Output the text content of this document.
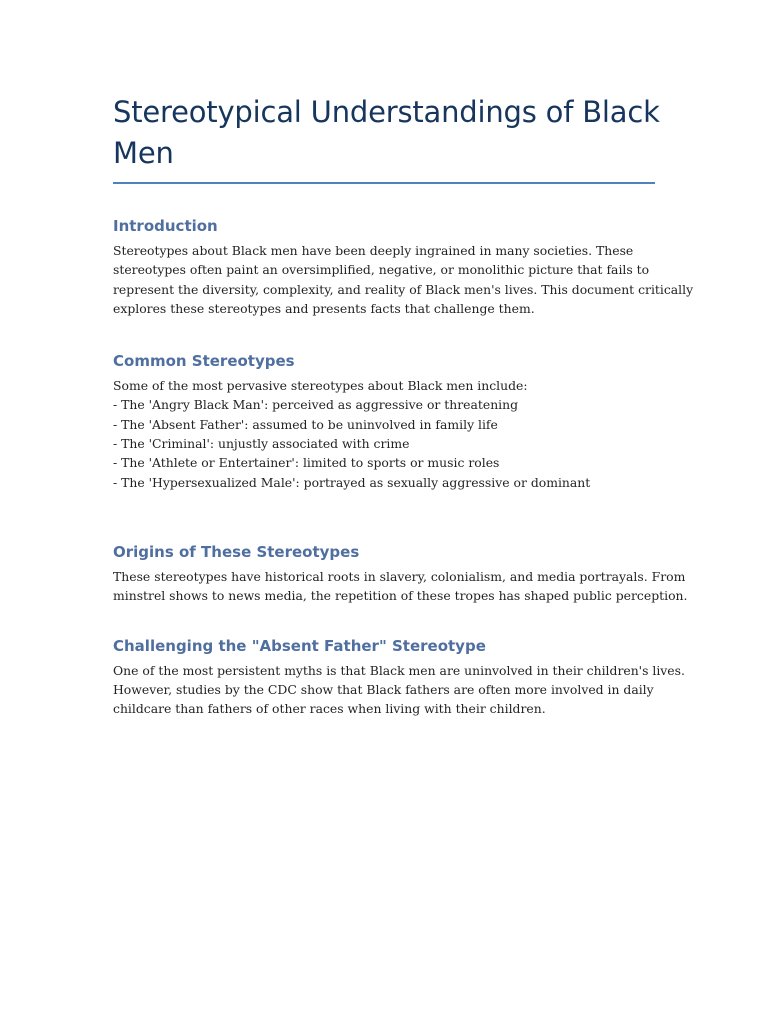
Stereotypical Understandings of Black
Men
Introduction

Stereotypes about Black men have been deeply ingrained in many societies. These
stereotypes often paint an oversimplified, negative, or monolithic picture that fails to
represent the diversity, complexity, and reality of Black men's lives. This document critically
explores these stereotypes and presents facts that challenge them.

Common Stereotypes

Some of the most pervasive stereotypes about Black men include:
- The 'Angry Black Man': perceived as aggressive or threatening
- The 'Absent Father': assumed to be uninvolved in family life
- The 'Criminal': unjustly associated with crime
- The 'Athlete or Entertainer': limited to sports or music roles
- The 'Hypersexualized Male': portrayed as sexually aggressive or dominant

Origins of These Stereotypes

These stereotypes have historical roots in slavery, colonialism, and media portrayals. From
minstrel shows to news media, the repetition of these tropes has shaped public perception.

Challenging the "Absent Father" Stereotype

One of the most persistent myths is that Black men are uninvolved in their children's lives.
However, studies by the CDC show that Black fathers are often more involved in daily
childcare than fathers of other races when living with their children.
